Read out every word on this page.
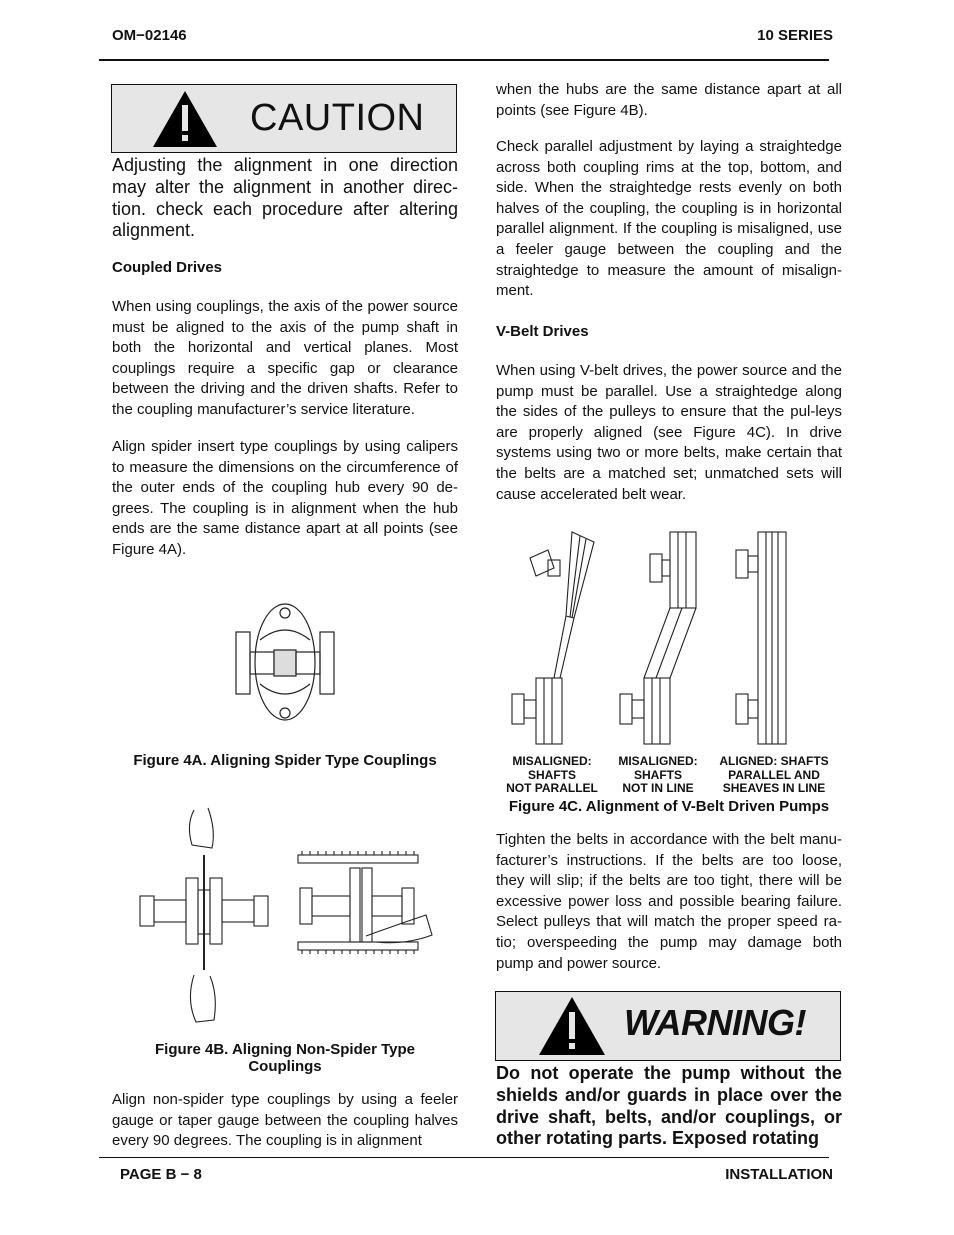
OM−02146	10 SERIES
CAUTION

Adjusting the alignment in one direction may alter the alignment in another direc-tion. check each procedure after altering alignment.

Coupled Drives

When using couplings, the axis of the power source must be aligned to the axis of the pump shaft in both the horizontal and vertical planes. Most couplings require a specific gap or clearance between the driving and the driven shafts. Refer to the coupling manufacturer’s service literature.

Align spider insert type couplings by using calipers to measure the dimensions on the circumference of the outer ends of the coupling hub every 90 de-grees. The coupling is in alignment when the hub ends are the same distance apart at all points (see Figure 4A).

Figure 4A. Aligning Spider Type Couplings
Figure 4B. Aligning Non-Spider Type
Couplings

Align non-spider type couplings by using a feeler gauge or taper gauge between the coupling halves every 90 degrees. The coupling is in alignment

when the hubs are the same distance apart at all points (see Figure 4B).

Check parallel adjustment by laying a straightedge across both coupling rims at the top, bottom, and side. When the straightedge rests evenly on both halves of the coupling, the coupling is in horizontal parallel alignment. If the coupling is misaligned, use a feeler gauge between the coupling and the straightedge to measure the amount of misalign-ment.

V-Belt Drives

When using V-belt drives, the power source and the pump must be parallel. Use a straightedge along the sides of the pulleys to ensure that the pul-leys are properly aligned (see Figure 4C). In drive systems using two or more belts, make certain that the belts are a matched set; unmatched sets will cause accelerated belt wear.

MISALIGNED:
SHAFTS
NOT PARALLEL
MISALIGNED:
SHAFTS
NOT IN LINE
ALIGNED: SHAFTS
PARALLEL AND
SHEAVES IN LINE
Figure 4C. Alignment of V-Belt Driven Pumps

Tighten the belts in accordance with the belt manu-facturer’s instructions. If the belts are too loose, they will slip; if the belts are too tight, there will be excessive power loss and possible bearing failure. Select pulleys that will match the proper speed ra-tio; overspeeding the pump may damage both pump and power source.

WARNING!

Do not operate the pump without the shields and/or guards in place over the drive shaft, belts, and/or couplings, or other rotating parts. Exposed rotating

PAGE B − 8	INSTALLATION
